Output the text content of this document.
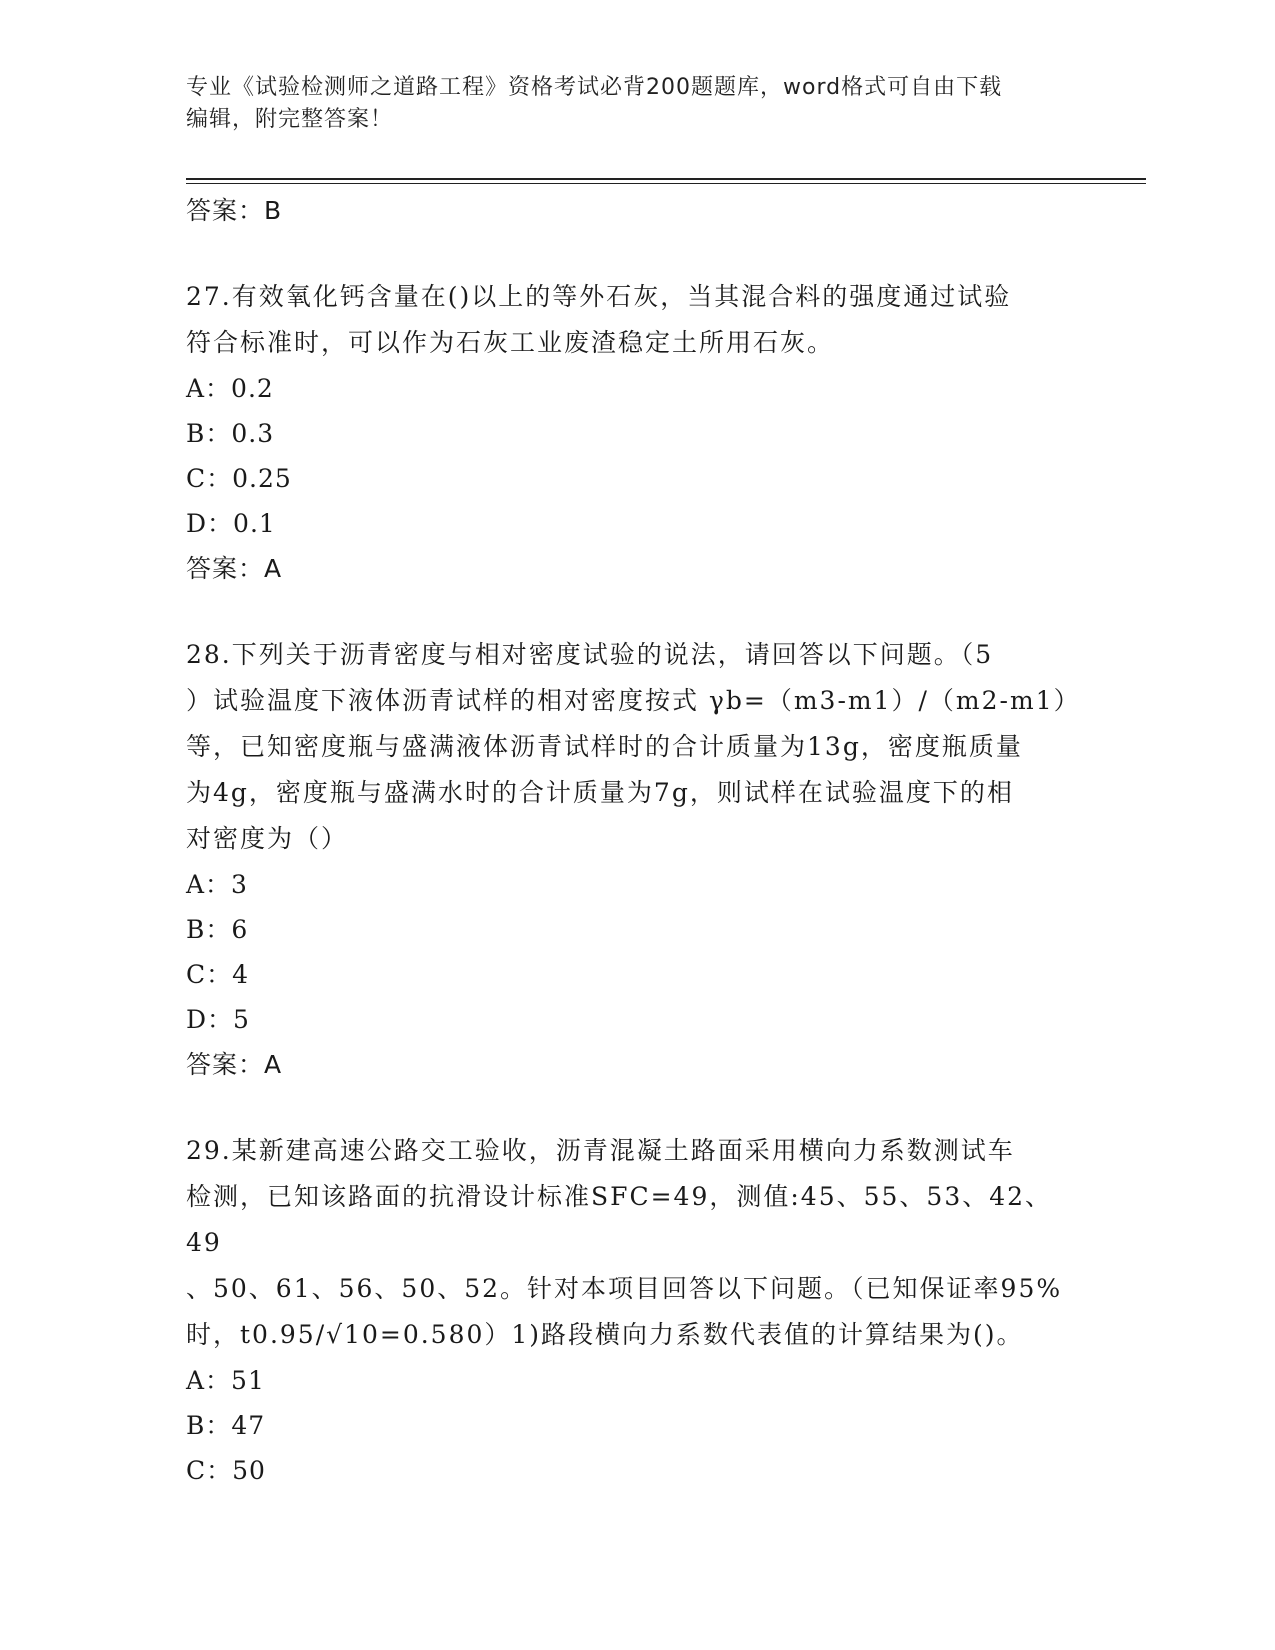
专业《试验检测师之道路工程》资格考试必背200题题库，word格式可自由下载
编辑，附完整答案！
答案：B
27.有效氧化钙含量在()以上的等外石灰，当其混合料的强度通过试验
符合标准时，可以作为石灰工业废渣稳定土所用石灰。
A：0.2
B：0.3
C：0.25
D：0.1
答案：A
28.下列关于沥青密度与相对密度试验的说法，请回答以下问题。（5
）试验温度下液体沥青试样的相对密度按式 γb=（m3-m1）/（m2-m1）
等，已知密度瓶与盛满液体沥青试样时的合计质量为13g，密度瓶质量
为4g，密度瓶与盛满水时的合计质量为7g，则试样在试验温度下的相
对密度为（）
A：3
B：6
C：4
D：5
答案：A
29.某新建高速公路交工验收，沥青混凝土路面采用横向力系数测试车
检测，已知该路面的抗滑设计标准SFC=49，测值:45、55、53、42、49
、50、61、56、50、52。针对本项目回答以下问题。（已知保证率95%
时，t0.95/√10=0.580）1)路段横向力系数代表值的计算结果为()。
A：51
B：47
C：50
